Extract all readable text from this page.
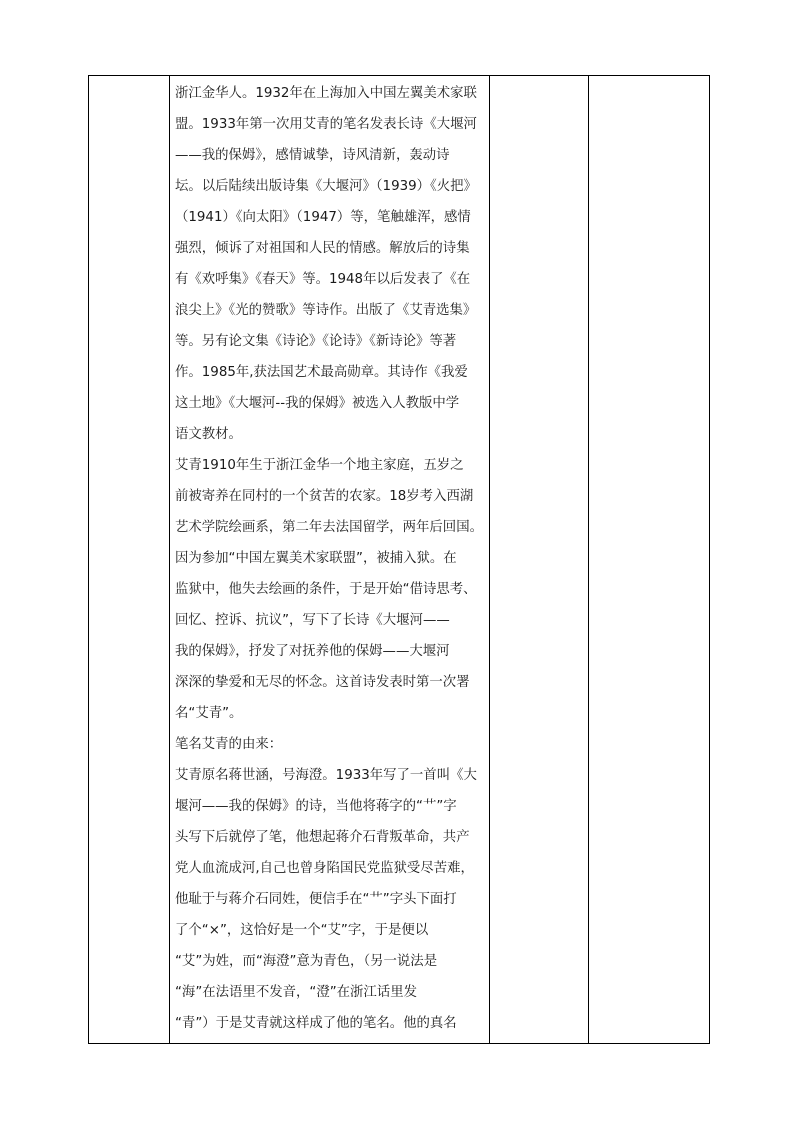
浙江金华人。1932年在上海加入中国左翼美术家联
盟。1933年第一次用艾青的笔名发表长诗《大堰河
——我的保姆》，感情诚挚，诗风清新，轰动诗
坛。以后陆续出版诗集《大堰河》（1939）《火把》
（1941）《向太阳》（1947）等，笔触雄浑，感情
强烈，倾诉了对祖国和人民的情感。解放后的诗集
有《欢呼集》《春天》等。1948年以后发表了《在
浪尖上》《光的赞歌》等诗作。出版了《艾青选集》
等。另有论文集《诗论》《论诗》《新诗论》等著
作。1985年,获法国艺术最高勋章。其诗作《我爱
这土地》《大堰河--我的保姆》被选入人教版中学
语文教材。
艾青1910年生于浙江金华一个地主家庭，五岁之
前被寄养在同村的一个贫苦的农家。18岁考入西湖
艺术学院绘画系，第二年去法国留学，两年后回国。
因为参加“中国左翼美术家联盟”，被捕入狱。在
监狱中，他失去绘画的条件，于是开始“借诗思考、
回忆、控诉、抗议”，写下了长诗《大堰河——
我的保姆》，抒发了对抚养他的保姆——大堰河
深深的挚爱和无尽的怀念。这首诗发表时第一次署
名“艾青”。
笔名艾青的由来：
艾青原名蒋世涵，号海澄。1933年写了一首叫《大
堰河——我的保姆》的诗，当他将蒋字的“艹”字
头写下后就停了笔，他想起蒋介石背叛革命，共产
党人血流成河,自己也曾身陷国民党监狱受尽苦难，
他耻于与蒋介石同姓，便信手在“艹”字头下面打
了个“×”，这恰好是一个“艾”字，于是便以
“艾”为姓，而“海澄”意为青色，（另一说法是
“海”在法语里不发音，“澄”在浙江话里发
“青”）于是艾青就这样成了他的笔名。他的真名
